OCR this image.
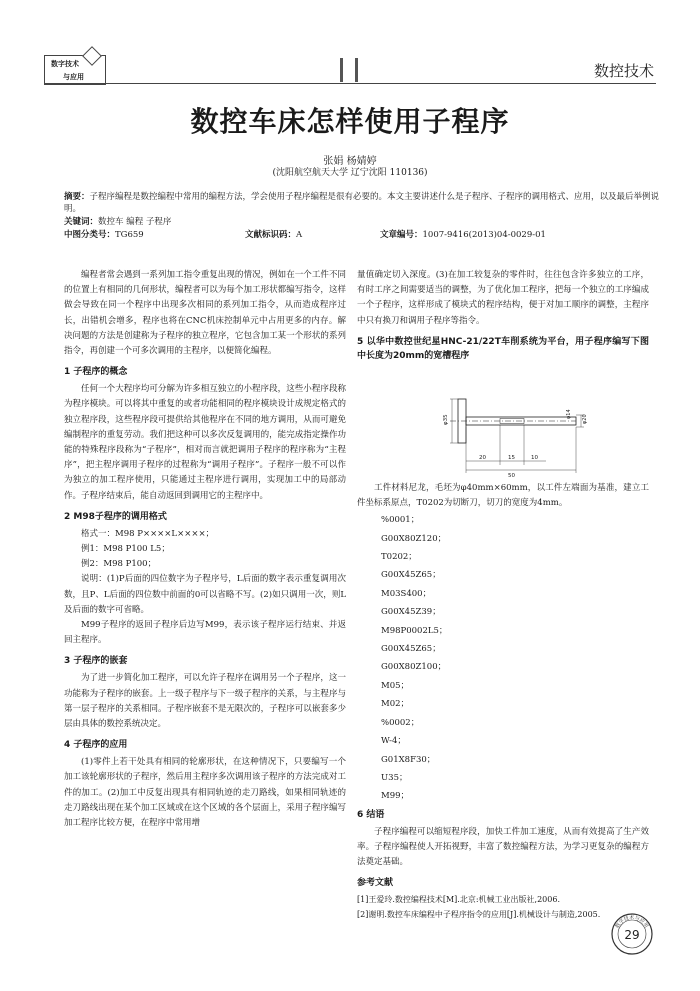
数字技术
与应用	数控技术
数控车床怎样使用子程序
张娟 杨婧婷
(沈阳航空航天大学 辽宁沈阳 110136)
摘要：子程序编程是数控编程中常用的编程方法，学会使用子程序编程是很有必要的。本文主要讲述什么是子程序、子程序的调用格式、应用，以及最后举例说明。
关键词：数控车 编程 子程序
中图分类号：TG659	文献标识码：A	文章编号：1007-9416(2013)04-0029-01

编程者常会遇到一系列加工指令重复出现的情况，例如在一个工件不同的位置上有相同的几何形状，编程者可以为每个加工形状都编写指令，这样做会导致在同一个程序中出现多次相同的系列加工指令，从而造成程序过长，出错机会增多，程序也将在CNC机床控制单元中占用更多的内存。解决问题的方法是创建称为子程序的独立程序，它包含加工某一个形状的系列指令，再创建一个可多次调用的主程序，以便简化编程。

1 子程序的概念

任何一个大程序均可分解为许多相互独立的小程序段，这些小程序段称为程序模块。可以将其中重复的或者功能相同的程序模块设计成规定格式的独立程序段，这些程序段可提供给其他程序在不同的地方调用，从而可避免编制程序的重复劳动。我们把这种可以多次反复调用的，能完成指定操作功能的特殊程序段称为“子程序”，相对而言就把调用子程序的程序称为“主程序”，把主程序调用子程序的过程称为“调用子程序”。子程序一般不可以作为独立的加工程序使用，只能通过主程序进行调用，实现加工中的局部动作。子程序结束后，能自动返回到调用它的主程序中。

2 M98子程序的调用格式

格式一：M98 P××××L××××；

例1：M98 P100 L5；

例2：M98 P100；

说明：(1)P后面的四位数字为子程序号，L后面的数字表示重复调用次数，且P、L后面的四位数中前面的0可以省略不写。(2)如只调用一次，则L及后面的数字可省略。

M99子程序的返回子程序后边写M99，表示该子程序运行结束、并返回主程序。

3 子程序的嵌套

为了进一步简化加工程序，可以允许子程序在调用另一个子程序，这一功能称为子程序的嵌套。上一级子程序与下一级子程序的关系，与主程序与第一层子程序的关系相同。子程序嵌套不是无限次的，子程序可以嵌套多少层由具体的数控系统决定。

4 子程序的应用

(1)零件上若干处具有相同的轮廓形状，在这种情况下，只要编写一个加工该轮廓形状的子程序，然后用主程序多次调用该子程序的方法完成对工件的加工。(2)加工中反复出现具有相同轨迹的走刀路线，如果相同轨迹的走刀路线出现在某个加工区域或在这个区域的各个层面上，采用子程序编写加工程序比较方便，在程序中常用增

量值确定切入深度。(3)在加工较复杂的零件时，往往包含许多独立的工序，有时工序之间需要适当的调整，为了优化加工程序，把每一个独立的工序编成一个子程序，这样形成了模块式的程序结构，便于对加工顺序的调整，主程序中只有换刀和调用子程序等指令。

5 以华中数控世纪星HNC-21/22T车削系统为平台，用子程序编写下图中长度为20mm的宽槽程序

工件材料尼龙，毛坯为φ40mm×60mm，以工件左端面为基准，建立工件坐标系原点，T0202为切断刀，切刀的宽度为4mm。

%0001；
G00X80Z120；
T0202；
G00X45Z65；
M03S400；
G00X45Z39；
M98P0002L5；
G00X45Z65；
G00X80Z100；
M05；
M02；
%0002；
W-4；
G01X8F30；
U35；
M99；

6 结语

子程序编程可以缩短程序段，加快工件加工速度，从而有效提高了生产效率。子程序编程使人开拓视野，丰富了数控编程方法，为学习更复杂的编程方法奠定基础。

参考文献

[1]王爱玲.数控编程技术[M].北京:机械工业出版社,2006.

[2]谢明.数控车床编程中子程序指令的应用[J].机械设计与制造,2005.

φ14
φ20
φ35
20	15	10
50
数字技术与应用
29
